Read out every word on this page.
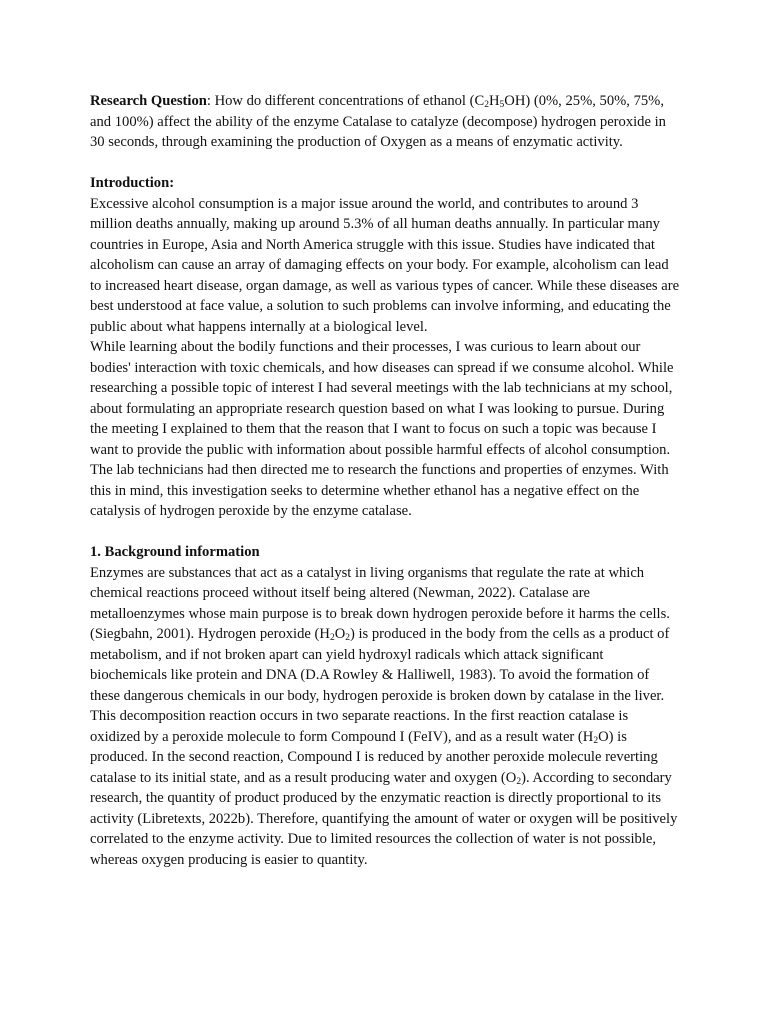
Research Question: How do different concentrations of ethanol $(C_2H_5OH)$ (0%, 25%, 50%, 75%, and 100%) affect the ability of the enzyme Catalase to catalyze (decompose) hydrogen peroxide in 30 seconds, through examining the production of Oxygen as a means of enzymatic activity.

Introduction:

Excessive alcohol consumption is a major issue around the world, and contributes to around 3 million deaths annually, making up around 5.3% of all human deaths annually. In particular many countries in Europe, Asia and North America struggle with this issue. Studies have indicated that alcoholism can cause an array of damaging effects on your body. For example, alcoholism can lead to increased heart disease, organ damage, as well as various types of cancer. While these diseases are best understood at face value, a solution to such problems can involve informing, and educating the public about what happens internally at a biological level.

While learning about the bodily functions and their processes, I was curious to learn about our bodies' interaction with toxic chemicals, and how diseases can spread if we consume alcohol. While researching a possible topic of interest I had several meetings with the lab technicians at my school, about formulating an appropriate research question based on what I was looking to pursue. During the meeting I explained to them that the reason that I want to focus on such a topic was because I want to provide the public with information about possible harmful effects of alcohol consumption. The lab technicians had then directed me to research the functions and properties of enzymes. With this in mind, this investigation seeks to determine whether ethanol has a negative effect on the catalysis of hydrogen peroxide by the enzyme catalase.

1. Background information

Enzymes are substances that act as a catalyst in living organisms that regulate the rate at which chemical reactions proceed without itself being altered (Newman, 2022). Catalase are metalloenzymes whose main purpose is to break down hydrogen peroxide before it harms the cells. (Siegbahn, 2001). Hydrogen peroxide $(H_2O_2)$ is produced in the body from the cells as a product of metabolism, and if not broken apart can yield hydroxyl radicals which attack significant biochemicals like protein and DNA (D.A Rowley & Halliwell, 1983). To avoid the formation of these dangerous chemicals in our body, hydrogen peroxide is broken down by catalase in the liver. This decomposition reaction occurs in two separate reactions. In the first reaction catalase is oxidized by a peroxide molecule to form Compound I (FeIV), and as a result water $(H_2O)$ is produced. In the second reaction, Compound I is reduced by another peroxide molecule reverting catalase to its initial state, and as a result producing water and oxygen $(O_2)$. According to secondary research, the quantity of product produced by the enzymatic reaction is directly proportional to its activity (Libretexts, 2022b). Therefore, quantifying the amount of water or oxygen will be positively correlated to the enzyme activity. Due to limited resources the collection of water is not possible, whereas oxygen producing is easier to quantity.
